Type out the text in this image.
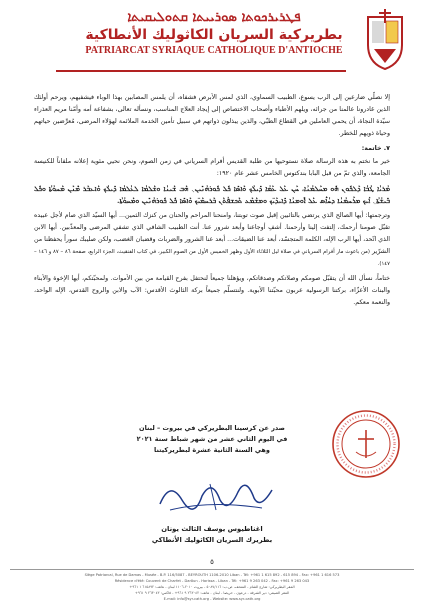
ܦܛܪܝܪܟܘܬܐ ܣܘܪܝܝܬܐ ܩܬܘܠܝܩܝܬܐ
بطريركية السريان الكاثوليك الأنطاكية
PATRIARCAT SYRIAQUE CATHOLIQUE D'ANTIOCHE

إلا نصلّي ضارعين إلى الرب يسوع، الطبيب السماوي، الذي لمس الأبرص فشفاه، أن يلمس المصابين بهذا الوباء فيشفيهم، ويرحم أولئك الذين غادرونا عالمنا من جرائه، ويلهم الأطباء وأصحاب الاختصاص إلى إيجاد العلاج المناسب، ونسأله تعالى، بشفاعة أمه وأمّنا مريم العذراء سيّدة النجاة، أن يحمي العاملين في القطاع الطبّي، والذين يبذلون ذواتهم في سبيل تأمين الخدمة الملائمة لهؤلاء المرضى، مُعرِّضين حياتهم وحياة ذويهم للخطر.

٧. خاتمة:

خير ما نختم به هذه الرسالة صلاة نستوحيها من طلبة القديس أفرام السرياني في زمن الصوم، ونحن نحيي مئوية إعلانه ملفاناً للكنيسة الجامعة، والذي تمّ من قبل البابا بندكتوس الخامس عشر عام ١٩٢٠:

ܡܳܪܝܳܐ ܛܳܒܳܐ ܕܰܠܟܽܘܢ ܗܽܘ ܡܚܰܠܡܳܢܳܐ، ܚܰܢ ܥܰܠ ܥܰܡܳܐ ܕܺܝܠܳܟ ܘܰܐܣܺܐ ܟܽܠ ܟܽܘܪܗܳܢܺܝܢ܆ ܗܰܒ ܫܰܝܢܳܐ ܘܫܰܠܡܳܐ ܠܥܳܠܡܳܐ ܕܺܝܠܳܟ ܘܰܐܥܒܰܪ ܡܶܢܰܢ ܡܰܚܘܳܬܳܐ ܘܟܽܠ ܒܺܝܫܳܬܳܐ܆ ܐܰܝܟ ܡܪܰܚܡܳܢܳܐ ܕܚܳܐܶܣ ܥܰܠ ܐܽܘܡܢܳܐ ܕܺܐܝܕܰܝ̈ܟ ܘܡܫܰܡܰܥ ܬܰܟܫܦܳܬܰܢ ܒܰܪܚܡܰܝ̈ܟ ܘܰܐܣܺܐ ܟܽܠ ܟܽܘܪܗܳܢܺܝܢ ܘܡܰܚܘܳܬܳܐ.

وترجمتها: أيها الصالح الذي يرتضي بالتائبين إقبل صوت توبتنا، وامنحنا المراحم والحنان من كنزك الثمين... أيها السيّد الذي صام لأجل عبيده تقبّل صومنا أرحمك، إلتفت إلينا وأرحمنا. أشفِ أوجاعنا وأبعد شرور عنا. أنت الطبيب الشافي الذي تشفي المرضى والمعذّبين. أيها الابن الذي اتّحد، أيها الرب الإله، الكلمة المتجسّد، أبعد عنا الضيقات... أبعد عنا الشرور والضربات وقضبان الغضب، ولكن صليبك سوراً يحفظنا من الشرّير (من باعوث مار أفرام السرياني في صلاة ليل الثلاثاء الأول وظهر الخميس الأول من الصوم الكبير، في كتاب الفنقيث، الجزء الرابع، صفحة ٨٦ – ٨٧ و ١٤٦ – ١٤٧).

ختاماً، نسأل الله أن يتقبّل صومكم وصلاتكم وصدقاتكم، ويؤهلنا جميعاً لنحتفل بفرح القيامة من بين الأموات. ولمحبّتكم، أيها الإخوة والأبناء والبنات الأعزّاء، بركتنا الرسولية عربون محبّتنا الأبوية. ولنتسلّم جميعاً بركة الثالوث الأقدس: الآب والابن والروح القدس، الإله الواحد، والنعمة معكم.

صدر عن كرسينا البطريركي في بيروت – لبنان
في اليوم الثاني عشر من شهر شباط سنة ٢٠٢١
وهي السنة الثانية عشرة لبطريركيتنا
اغناطيوس يوسف الثالث يونان
بطريرك السريان الكاثوليك الأنطاكي
٥
Siège Patriarcal, Rue de Damas - Musée - B.P. 116/5087 - BEYROUTH 1106-2010 Liban - Tél: +961 1 615 892 - 615 894 - Fax: +961 1 616 573
Résidence d'été: Couvent de Charfet - Darôun - Harissa - Liban - Tél: +961 9 263 042 - Fax: +961 9 263 043
المقر البطريركي: شارع الشام - المتحف، ص.ب: ٥٠٨٧/١١٦ - بيروت ٢٠١٠-١١٠٦ لبنان - هاتف: ٦١٥٨٩٢ ١ ٩٦١+
المقر الصيفي: دير الشرفة - درعون - حريصا - لبنان - هاتف: ٢٦٣٠٤٢ ٩ ٩٦١+ - فاكس: ٢٦٣٠٤٣ ٩ ٩٦١+
E-mail: info@syr-cath.org - Website: www.syr-cath.org
